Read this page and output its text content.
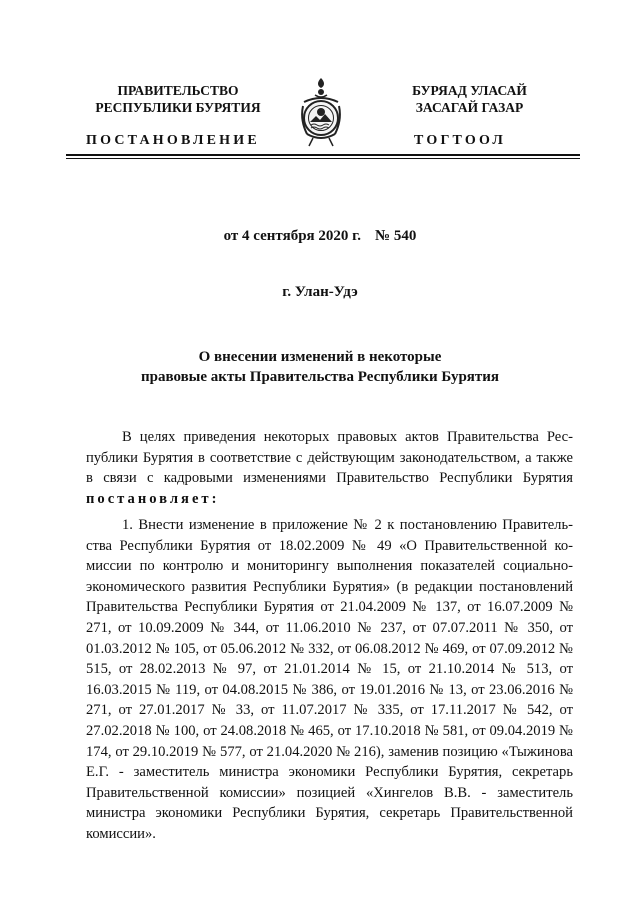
ПРАВИТЕЛЬСТВО
РЕСПУБЛИКИ БУРЯТИЯ
БУРЯАД УЛАСАЙ
ЗАСАГАЙ ГАЗАР
ПОСТАНОВЛЕНИЕ	ТОГТООЛ
от 4 сентября 2020 г. № 540
г. Улан-Удэ
О внесении изменений в некоторые
правовые акты Правительства Республики Бурятия

В целях приведения некоторых правовых актов Правительства Республики Бурятия в соответствие с действующим законодательством, а также в связи с кадровыми изменениями Правительство Республики Бурятия постановляет:

1. Внести изменение в приложение № 2 к постановлению Правительства Республики Бурятия от 18.02.2009 № 49 «О Правительственной комиссии по контролю и мониторингу выполнения показателей социально-экономического развития Республики Бурятия» (в редакции постановлений Правительства Республики Бурятия от 21.04.2009 № 137, от 16.07.2009 № 271, от 10.09.2009 № 344, от 11.06.2010 № 237, от 07.07.2011 № 350, от 01.03.2012 № 105, от 05.06.2012 № 332, от 06.08.2012 № 469, от 07.09.2012 № 515, от 28.02.2013 № 97, от 21.01.2014 № 15, от 21.10.2014 № 513, от 16.03.2015 № 119, от 04.08.2015 № 386, от 19.01.2016 № 13, от 23.06.2016 № 271, от 27.01.2017 № 33, от 11.07.2017 № 335, от 17.11.2017 № 542, от 27.02.2018 № 100, от 24.08.2018 № 465, от 17.10.2018 № 581, от 09.04.2019 № 174, от 29.10.2019 № 577, от 21.04.2020 № 216), заменив позицию «Тыжинова Е.Г. - заместитель министра экономики Республики Бурятия, секретарь Правительственной комиссии» позицией «Хингелов В.В. - заместитель министра экономики Республики Бурятия, секретарь Правительственной комиссии».
